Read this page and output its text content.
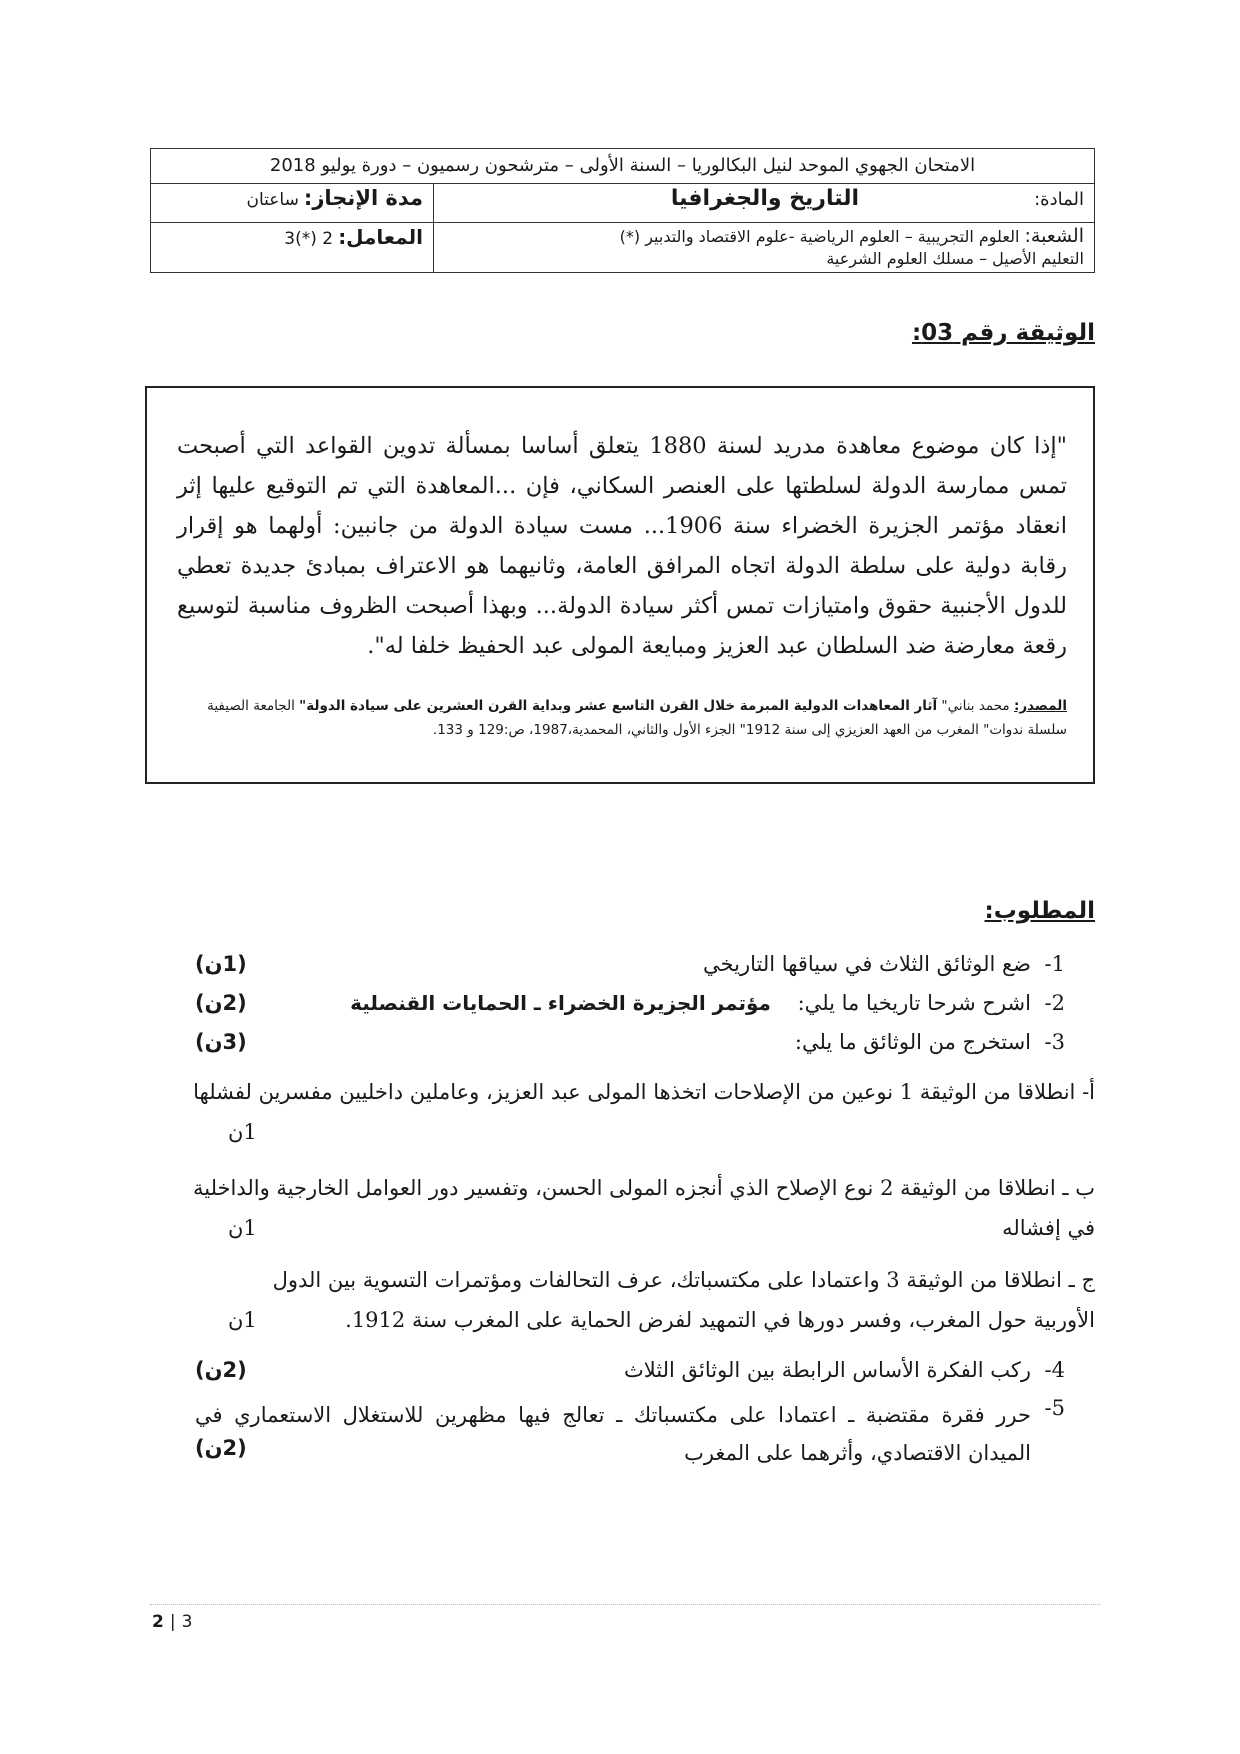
الامتحان الجهوي الموحد لنيل البكالوريا – السنة الأولى – مترشحون رسميون – دورة يوليو 2018	
المادة: التاريخ والجغرافيا	مدة الإنجاز: ساعتان

الشعبة: العلوم التجريبية – العلوم الرياضية -علوم الاقتصاد والتدبير (*)
التعليم الأصيل – مسلك العلوم الشرعية	المعامل: 2 (*)3
الوثيقة رقم 03:
"إذا كان موضوع معاهدة مدريد لسنة 1880 يتعلق أساسا بمسألة تدوين القواعد التي أصبحت تمس ممارسة الدولة لسلطتها على العنصر السكاني، فإن ...المعاهدة التي تم التوقيع عليها إثر انعقاد مؤتمر الجزيرة الخضراء سنة 1906... مست سيادة الدولة من جانبين: أولهما هو إقرار رقابة دولية على سلطة الدولة اتجاه المرافق العامة، وثانيهما هو الاعتراف بمبادئ جديدة تعطي للدول الأجنبية حقوق وامتيازات تمس أكثر سيادة الدولة... وبهذا أصبحت الظروف مناسبة لتوسيع رقعة معارضة ضد السلطان عبد العزيز ومبايعة المولى عبد الحفيظ خلفا له".
المصدر: محمد بناني" آثار المعاهدات الدولية المبرمة خلال القرن التاسع عشر وبداية القرن العشرين على سيادة الدولة" الجامعة الصيفية سلسلة ندوات" المغرب من العهد العزيزي إلى سنة 1912" الجزء الأول والثاني، المحمدية،1987، ص:129 و 133.
المطلوب:
1-
ضع الوثائق الثلاث في سياقها التاريخي
(1ن)
2-
اشرح شرحا تاريخيا ما يلي: مؤتمر الجزيرة الخضراء ـ الحمايات القنصلية
(2ن)
3-
استخرج من الوثائق ما يلي:
(3ن)
أ- انطلاقا من الوثيقة 1 نوعين من الإصلاحات اتخذها المولى عبد العزيز، وعاملين داخليين مفسرين لفشلها
1ن
ب ـ انطلاقا من الوثيقة 2 نوع الإصلاح الذي أنجزه المولى الحسن، وتفسير دور العوامل الخارجية والداخلية في إفشاله
1ن
ج ـ انطلاقا من الوثيقة 3 واعتمادا على مكتسباتك، عرف التحالفات ومؤتمرات التسوية بين الدول الأوربية حول المغرب، وفسر دورها في التمهيد لفرض الحماية على المغرب سنة 1912.
1ن
4-
ركب الفكرة الأساس الرابطة بين الوثائق الثلاث
(2ن)
5-
حرر فقرة مقتضبة ـ اعتمادا على مكتسباتك ـ تعالج فيها مظهرين للاستغلال الاستعماري في الميدان الاقتصادي، وأثرهما على المغرب
(2ن)
2 | 3
